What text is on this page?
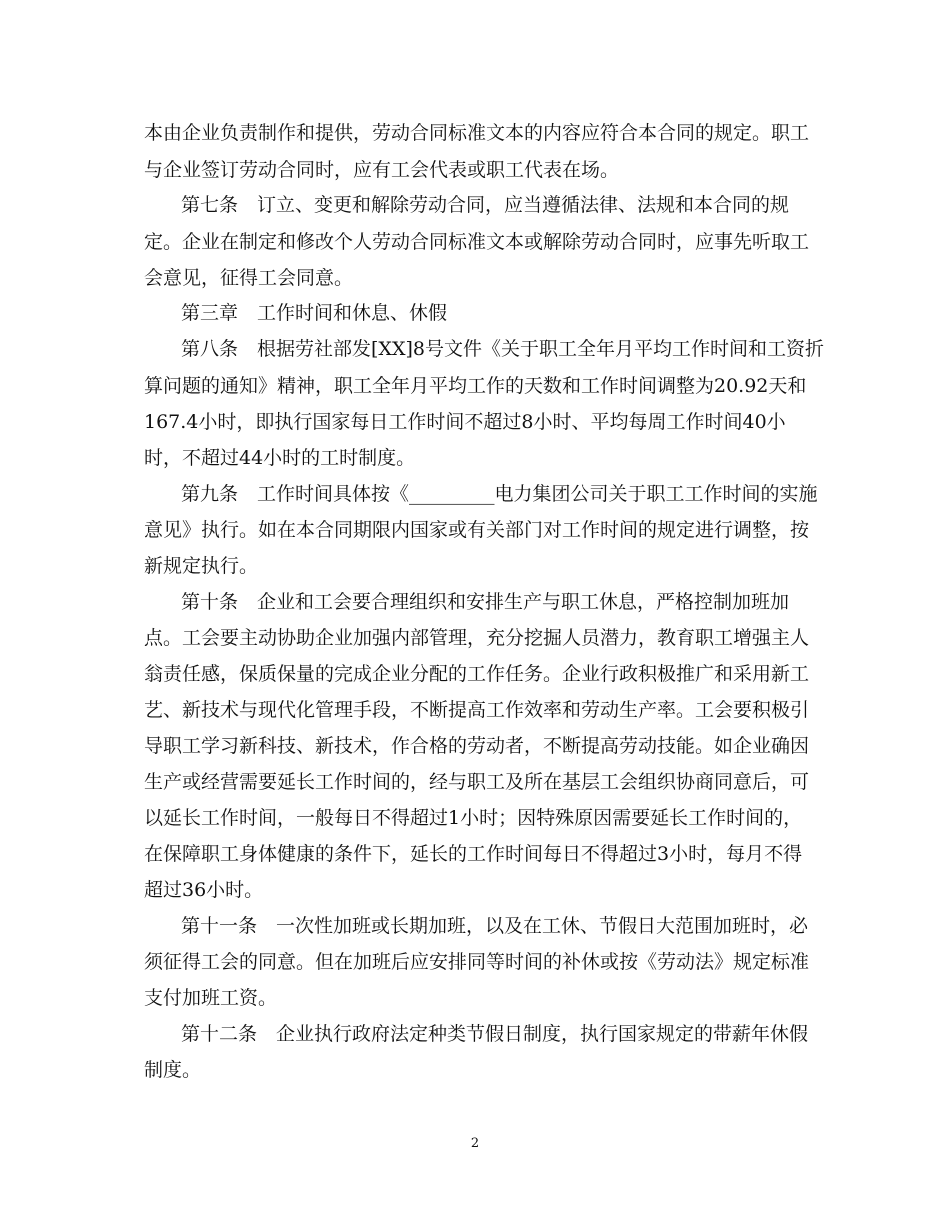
本由企业负责制作和提供，劳动合同标准文本的内容应符合本合同的规定。职工
与企业签订劳动合同时，应有工会代表或职工代表在场。
第七条　订立、变更和解除劳动合同，应当遵循法律、法规和本合同的规
定。企业在制定和修改个人劳动合同标准文本或解除劳动合同时，应事先听取工
会意见，征得工会同意。
第三章　工作时间和休息、休假
第八条　根据劳社部发[XX]8号文件《关于职工全年月平均工作时间和工资折
算问题的通知》精神，职工全年月平均工作的天数和工作时间调整为20.92天和
167.4小时，即执行国家每日工作时间不超过8小时、平均每周工作时间40小
时，不超过44小时的工时制度。
第九条　工作时间具体按《_________电力集团公司关于职工工作时间的实施
意见》执行。如在本合同期限内国家或有关部门对工作时间的规定进行调整，按
新规定执行。
第十条　企业和工会要合理组织和安排生产与职工休息，严格控制加班加
点。工会要主动协助企业加强内部管理，充分挖掘人员潜力，教育职工增强主人
翁责任感，保质保量的完成企业分配的工作任务。企业行政积极推广和采用新工
艺、新技术与现代化管理手段，不断提高工作效率和劳动生产率。工会要积极引
导职工学习新科技、新技术，作合格的劳动者，不断提高劳动技能。如企业确因
生产或经营需要延长工作时间的，经与职工及所在基层工会组织协商同意后，可
以延长工作时间，一般每日不得超过1小时；因特殊原因需要延长工作时间的，
在保障职工身体健康的条件下，延长的工作时间每日不得超过3小时，每月不得
超过36小时。
第十一条　一次性加班或长期加班，以及在工休、节假日大范围加班时，必
须征得工会的同意。但在加班后应安排同等时间的补休或按《劳动法》规定标准
支付加班工资。
第十二条　企业执行政府法定种类节假日制度，执行国家规定的带薪年休假
制度。
2
